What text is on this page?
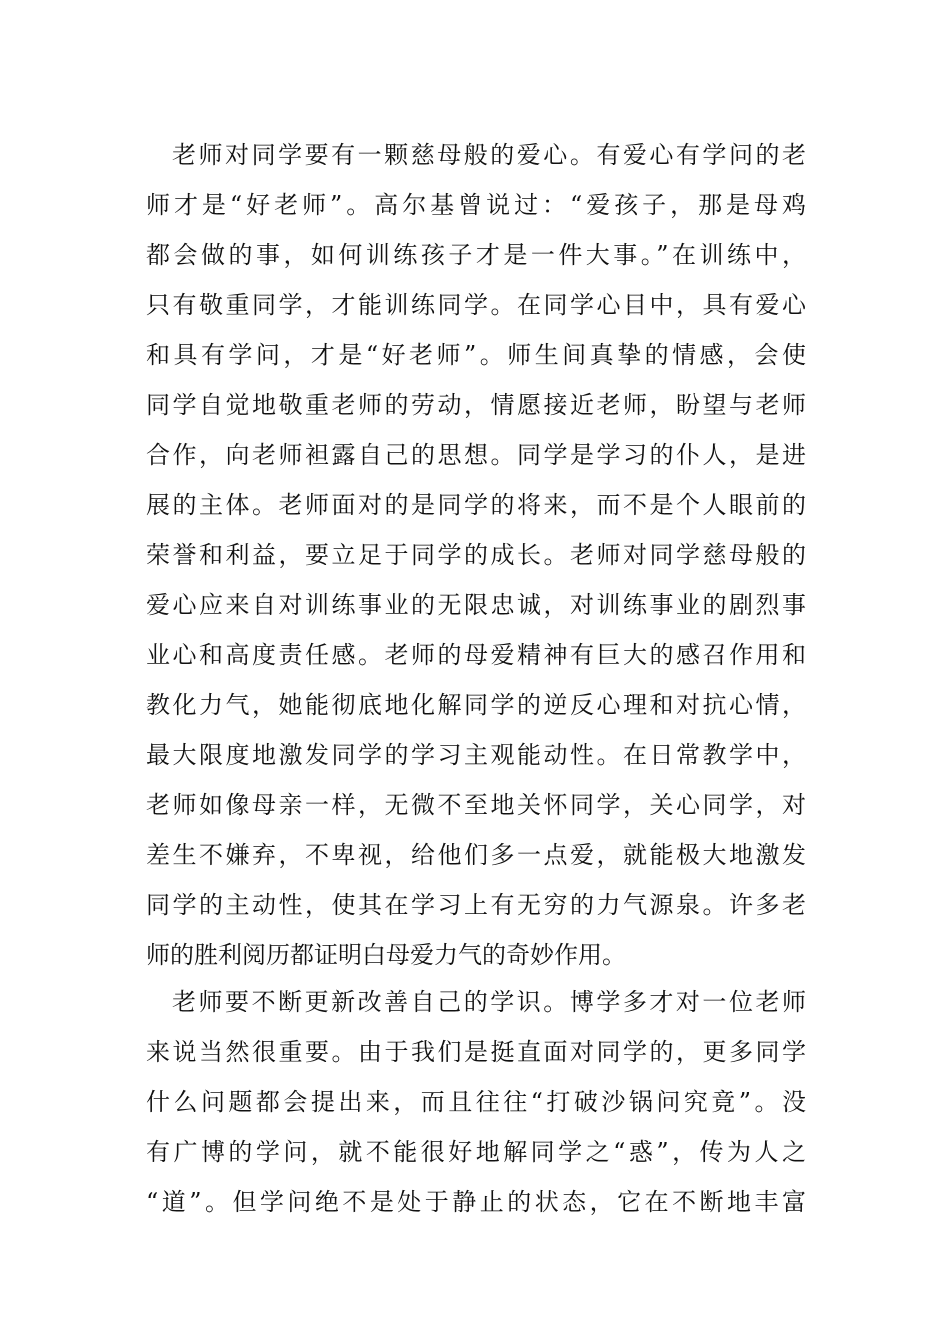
老师对同学要有一颗慈母般的爱心。有爱心有学问的老
师才是“好老师”。高尔基曾说过：“爱孩子，那是母鸡
都会做的事，如何训练孩子才是一件大事。”在训练中，
只有敬重同学，才能训练同学。在同学心目中，具有爱心
和具有学问，才是“好老师”。师生间真挚的情感，会使
同学自觉地敬重老师的劳动，情愿接近老师，盼望与老师
合作，向老师袒露自己的思想。同学是学习的仆人，是进
展的主体。老师面对的是同学的将来，而不是个人眼前的
荣誉和利益，要立足于同学的成长。老师对同学慈母般的
爱心应来自对训练事业的无限忠诚，对训练事业的剧烈事
业心和高度责任感。老师的母爱精神有巨大的感召作用和
教化力气，她能彻底地化解同学的逆反心理和对抗心情，
最大限度地激发同学的学习主观能动性。在日常教学中，
老师如像母亲一样，无微不至地关怀同学，关心同学，对
差生不嫌弃，不卑视，给他们多一点爱，就能极大地激发
同学的主动性，使其在学习上有无穷的力气源泉。许多老
师的胜利阅历都证明白母爱力气的奇妙作用。
老师要不断更新改善自己的学识。博学多才对一位老师
来说当然很重要。由于我们是挺直面对同学的，更多同学
什么问题都会提出来，而且往往“打破沙锅问究竟”。没
有广博的学问，就不能很好地解同学之“惑”，传为人之
“道”。但学问绝不是处于静止的状态，它在不断地丰富
